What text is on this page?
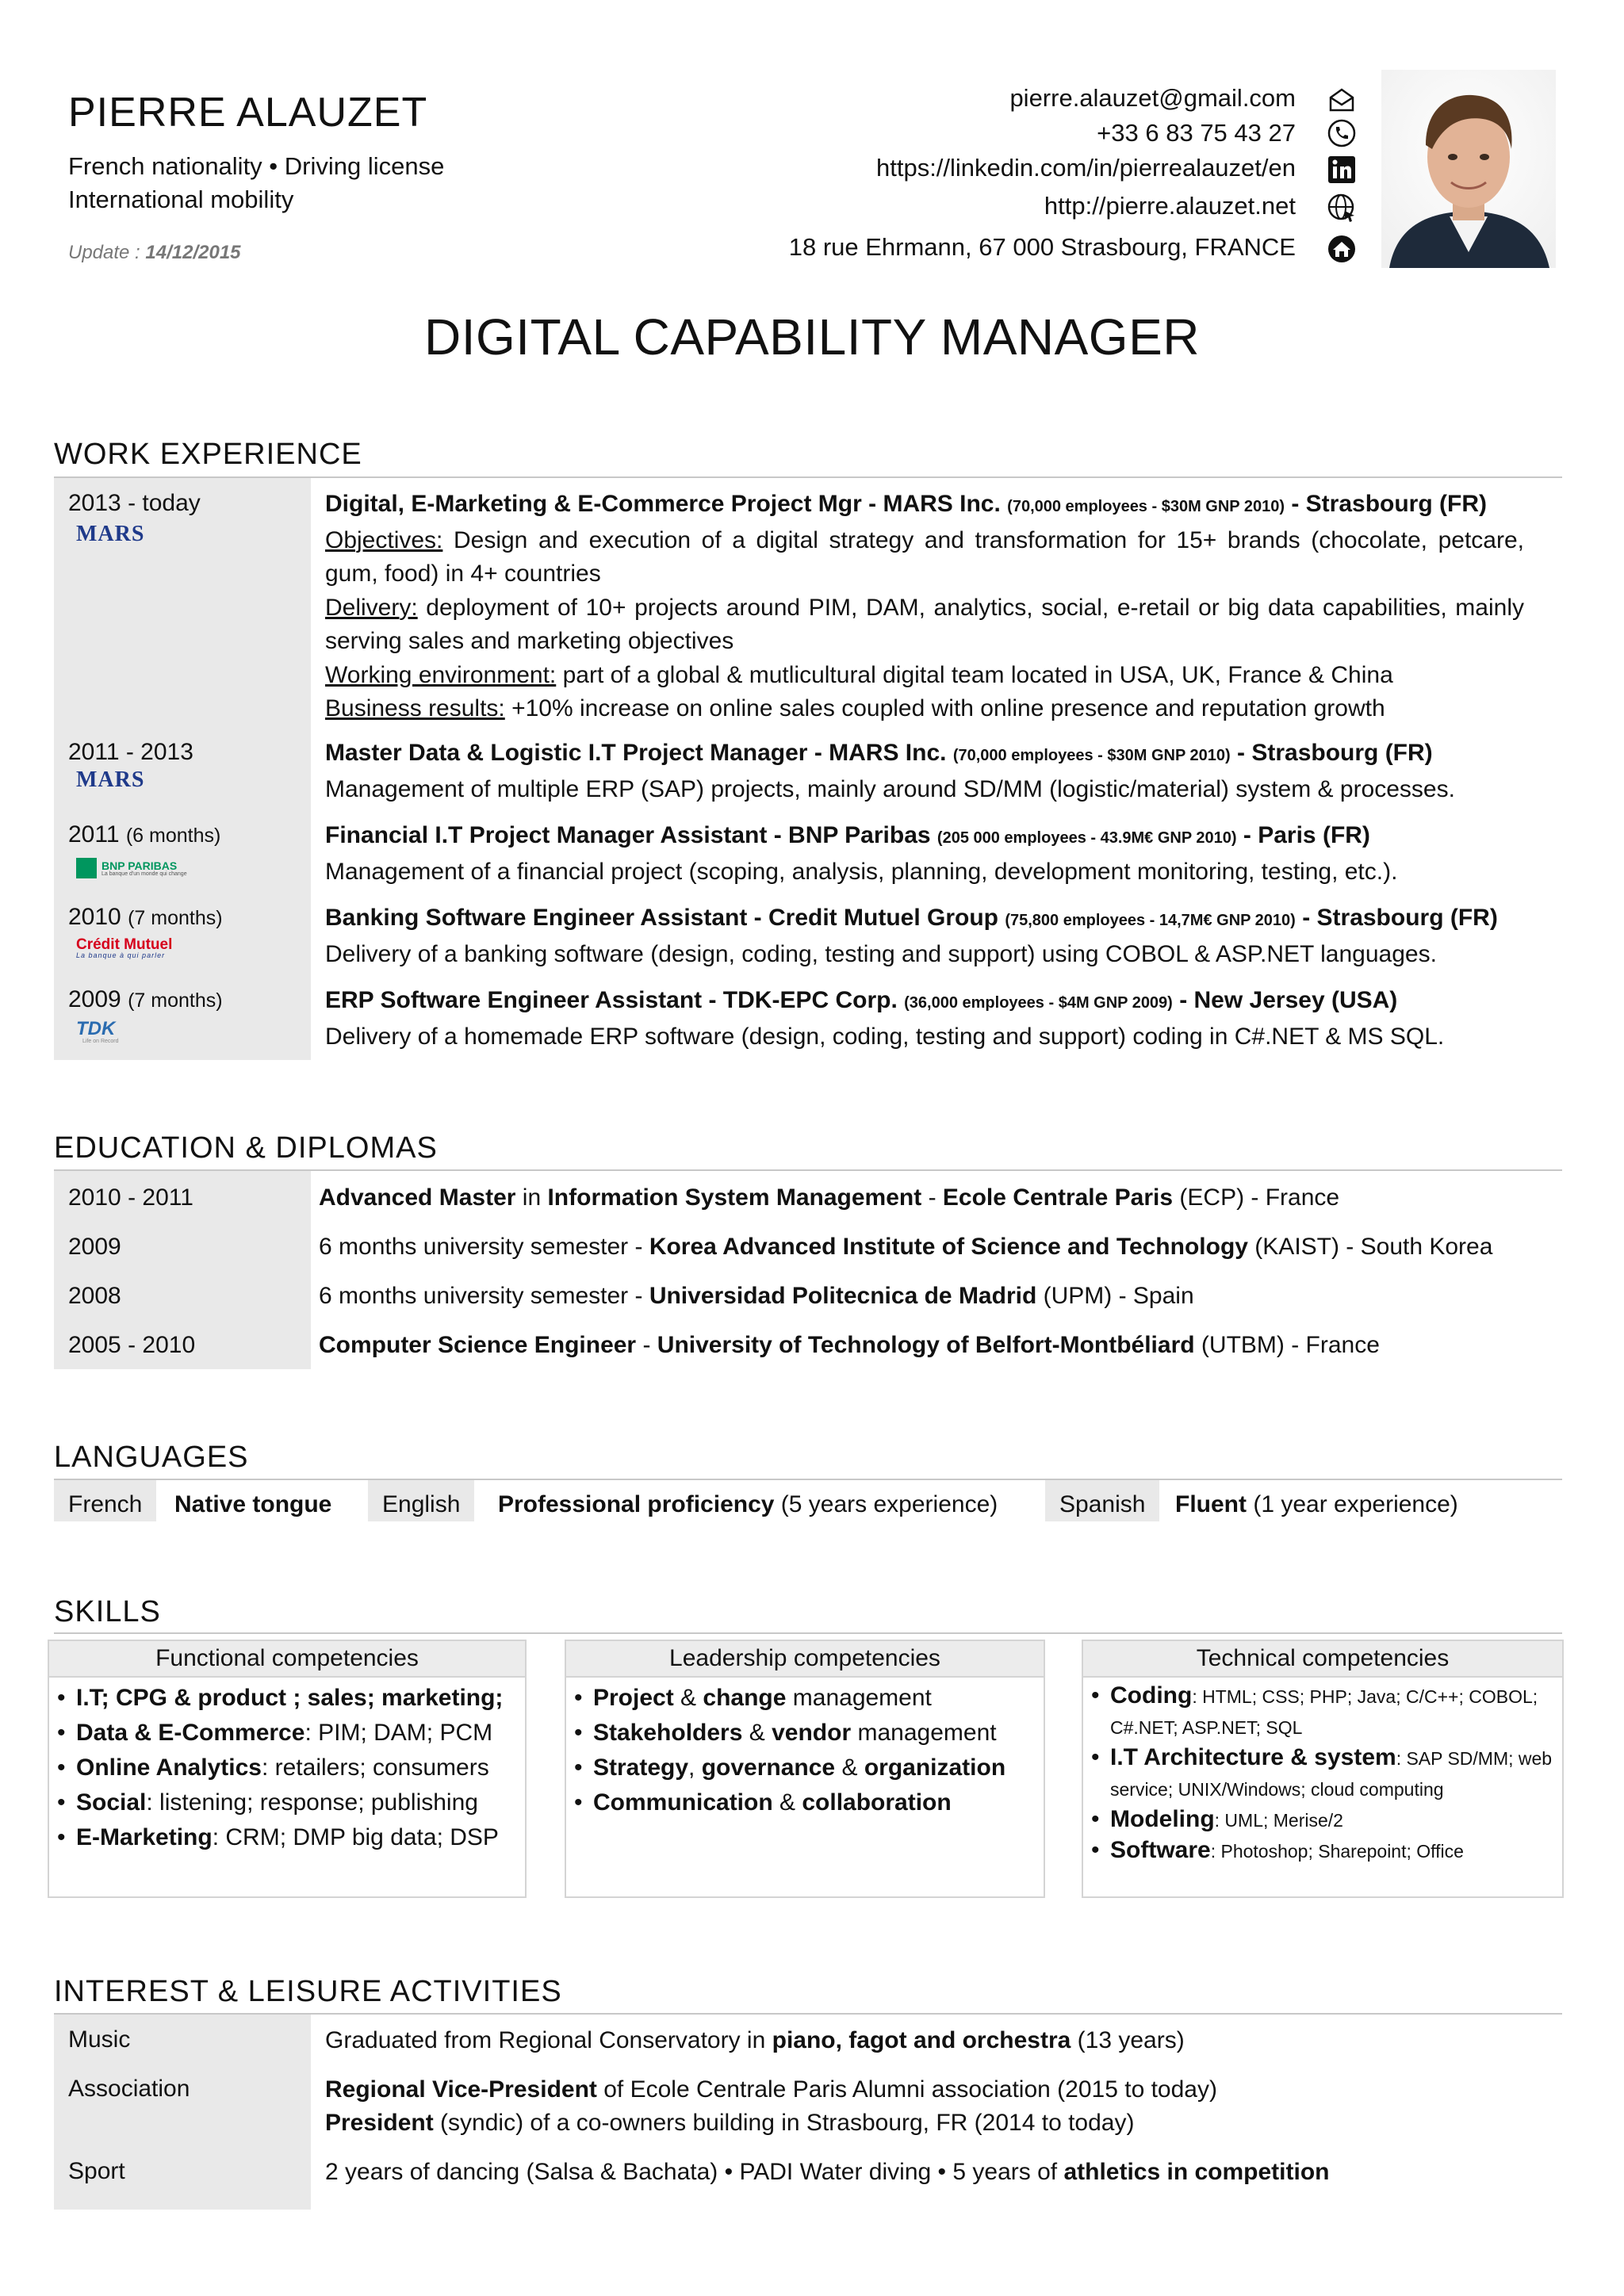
PIERRE ALAUZET
French nationality • Driving license
International mobility
Update : 14/12/2015
pierre.alauzet@gmail.com
+33 6 83 75 43 27
https://linkedin.com/in/pierrealauzet/en
http://pierre.alauzet.net
18 rue Ehrmann, 67 000 Strasbourg, FRANCE
DIGITAL CAPABILITY MANAGER
WORK EXPERIENCE
2013 - today
MARS
Digital, E-Marketing & E-Commerce Project Mgr - MARS Inc. (70,000 employees - $30M GNP 2010) - Strasbourg (FR)
Objectives: Design and execution of a digital strategy and transformation for 15+ brands (chocolate, petcare, gum, food) in 4+ countries
Delivery: deployment of 10+ projects around PIM, DAM, analytics, social, e-retail or big data capabilities, mainly serving sales and marketing objectives
Working environment: part of a global & mutlicultural digital team located in USA, UK, France & China
Business results: +10% increase on online sales coupled with online presence and reputation growth
2011 - 2013
MARS
Master Data & Logistic I.T Project Manager - MARS Inc. (70,000 employees - $30M GNP 2010) - Strasbourg (FR)
Management of multiple ERP (SAP) projects, mainly around SD/MM (logistic/material) system & processes.
2011 (6 months)
BNP PARIBAS
La banque d'un monde qui change
Financial I.T Project Manager Assistant - BNP Paribas (205 000 employees - 43.9M€ GNP 2010) - Paris (FR)
Management of a financial project (scoping, analysis, planning, development monitoring, testing, etc.).
2010 (7 months)
Crédit Mutuel
La banque à qui parler
Banking Software Engineer Assistant - Credit Mutuel Group (75,800 employees - 14,7M€ GNP 2010) - Strasbourg (FR)
Delivery of a banking software (design, coding, testing and support) using COBOL & ASP.NET languages.
2009 (7 months)
TDK
Life on Record
ERP Software Engineer Assistant - TDK-EPC Corp. (36,000 employees - $4M GNP 2009) - New Jersey (USA)
Delivery of a homemade ERP software (design, coding, testing and support) coding in C#.NET & MS SQL.
EDUCATION & DIPLOMAS
2010 - 2011	Advanced Master in Information System Management - Ecole Centrale Paris (ECP) - France
2009	6 months university semester - Korea Advanced Institute of Science and Technology (KAIST) - South Korea
2008	6 months university semester - Universidad Politecnica de Madrid (UPM) - Spain
2005 - 2010	Computer Science Engineer - University of Technology of Belfort-Montbéliard (UTBM) - France
LANGUAGES
French	Native tongue	English	Professional proficiency (5 years experience)	Spanish	Fluent (1 year experience)
SKILLS
Functional competencies
• I.T; CPG & product ; sales; marketing;
• Data & E-Commerce: PIM; DAM; PCM
• Online Analytics: retailers; consumers
• Social: listening; response; publishing
• E-Marketing: CRM; DMP big data; DSP
Leadership competencies
• Project & change management
• Stakeholders & vendor management
• Strategy, governance & organization
• Communication & collaboration
Technical competencies
• Coding: HTML; CSS; PHP; Java; C/C++; COBOL; C#.NET; ASP.NET; SQL
• I.T Architecture & system: SAP SD/MM; web service; UNIX/Windows; cloud computing
• Modeling: UML; Merise/2
• Software: Photoshop; Sharepoint; Office
INTEREST & LEISURE ACTIVITIES
Music	Graduated from Regional Conservatory in piano, fagot and orchestra (13 years)
Association	Regional Vice-President of Ecole Centrale Paris Alumni association (2015 to today)
President (syndic) of a co-owners building in Strasbourg, FR (2014 to today)
Sport	2 years of dancing (Salsa & Bachata) • PADI Water diving • 5 years of athletics in competition
